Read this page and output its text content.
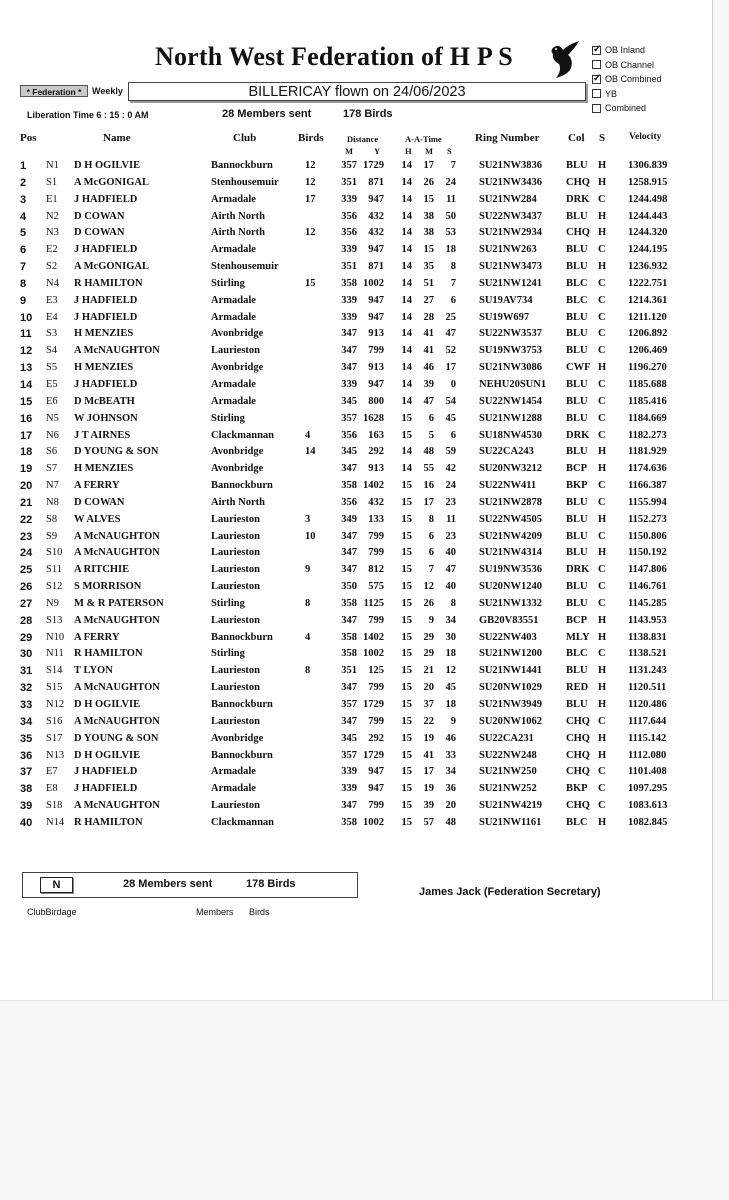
North West Federation of H P S
✓	OB Inland
OB Channel
✓
OB Combined
YB
Combined
* Federation *	Weekly	BILLERICAY flown on 24/06/2023
Liberation Time 6 : 15 : 0 AM	28 Members sent	178 Birds
Pos	Name	Club	Birds	Distance	A-A-Time	Ring Number	Col S	Velocity
M Y	H M S
1	N1 D H OGILVIE	Bannockburn	12	357 1729	14	17	7 SU21NW3836 BLU H 1306.839
2	S1 A McGONIGAL	Stenhousemuir	12	351	871	14	26	24 SU21NW3436 CHQ H 1258.915
3	E1 J HADFIELD	Armadale	17	339	947	14	15	11 SU21NW284	DRK C 1244.498
4	N2 D COWAN	Airth North	356	432	14	38	50 SU22NW3437 BLU H 1244.443
5	N3 D COWAN	Airth North	12	356	432	14	38	53 SU21NW2934 CHQ H 1244.320
6	E2 J HADFIELD	Armadale	339	947	14	15	18 SU21NW263	BLU C 1244.195
7	S2 A McGONIGAL	Stenhousemuir	351	871	14	35	8 SU21NW3473 BLU H 1236.932
8	N4 R HAMILTON	Stirling	15	358 1002	14	51	7 SU21NW1241 BLC C 1222.751
9	E3 J HADFIELD	Armadale	339	947	14	27	6 SU19AV734	BLC C 1214.361
10	E4 J HADFIELD	Armadale	339	947	14	28	25 SU19W697	BLU C 1211.120
11	S3 H MENZIES	Avonbridge	347	913	14	41	47 SU22NW3537 BLU C 1206.892
12	S4 A McNAUGHTON	Laurieston	347	799	14	41	52 SU19NW3753 BLU C 1206.469
13	S5 H MENZIES	Avonbridge	347	913	14	46	17 SU21NW3086 CWF H 1196.270
14	E5 J HADFIELD	Armadale	339	947	14	39	0 NEHU20SUN1 BLU C 1185.688
15	E6 D McBEATH	Armadale	345	800	14	47	54 SU22NW1454 BLU C 1185.416
16	N5 W JOHNSON	Stirling	357 1628	15	6	45 SU21NW1288 BLU C 1184.669
17	N6 J T AIRNES	Clackmannan	4	356	163	15	5	6 SU18NW4530 DRK C 1182.273
18	S6 D YOUNG & SON	Avonbridge	14	345	292	14	48	59 SU22CA243	BLU H 1181.929
19	S7 H MENZIES	Avonbridge	347	913	14	55	42 SU20NW3212 BCP H 1174.636
20	N7 A FERRY	Bannockburn	358 1402	15	16	24 SU22NW411	BKP C 1166.387
21	N8 D COWAN	Airth North	356	432	15	17	23 SU21NW2878 BLU C 1155.994
22	S8 W ALVES	Laurieston	3	349	133	15	8	11 SU22NW4505 BLU H 1152.273
23	S9 A McNAUGHTON	Laurieston	10	347	799	15	6	23 SU21NW4209 BLU C 1150.806
24	S10 A McNAUGHTON	Laurieston	347	799	15	6	40 SU21NW4314 BLU H 1150.192
25	S11 A RITCHIE	Laurieston	9	347	812	15	7	47 SU19NW3536 DRK C 1147.806
26	S12 S MORRISON	Laurieston	350	575	15	12	40 SU20NW1240 BLU C 1146.761
27	N9 M & R PATERSON	Stirling	8	358 1125	15	26	8 SU21NW1332 BLU C 1145.285
28	S13 A McNAUGHTON	Laurieston	347	799	15	9	34 GB20V83551	BCP H 1143.953
29	N10 A FERRY	Bannockburn	4	358 1402	15	29	30 SU22NW403	MLY H 1138.831
30	N11 R HAMILTON	Stirling	358 1002	15	29	18 SU21NW1200 BLC C 1138.521
31	S14 T LYON	Laurieston	8	351	125	15	21	12 SU21NW1441 BLU H 1131.243
32	S15 A McNAUGHTON	Laurieston	347	799	15	20	45 SU20NW1029 RED H 1120.511
33	N12 D H OGILVIE	Bannockburn	357 1729	15	37	18 SU21NW3949 BLU H 1120.486
34	S16 A McNAUGHTON	Laurieston	347	799	15	22	9 SU20NW1062 CHQ C 1117.644
35	S17 D YOUNG & SON	Avonbridge	345	292	15	19	46 SU22CA231	CHQ H 1115.142
36	N13 D H OGILVIE	Bannockburn	357 1729	15	41	33 SU22NW248	CHQ H 1112.080
37	E7 J HADFIELD	Armadale	339	947	15	17	34 SU21NW250	CHQ C 1101.408
38	E8 J HADFIELD	Armadale	339	947	15	19	36 SU21NW252	BKP C 1097.295
39	S18 A McNAUGHTON	Laurieston	347	799	15	39	20 SU21NW4219 CHQ C 1083.613
40	N14 R HAMILTON	Clackmannan	358 1002	15	57	48 SU21NW1161 BLC H 1082.845
N	28 Members sent	178 Birds
James Jack (Federation Secretary)
ClubBirdage	Members Birds
